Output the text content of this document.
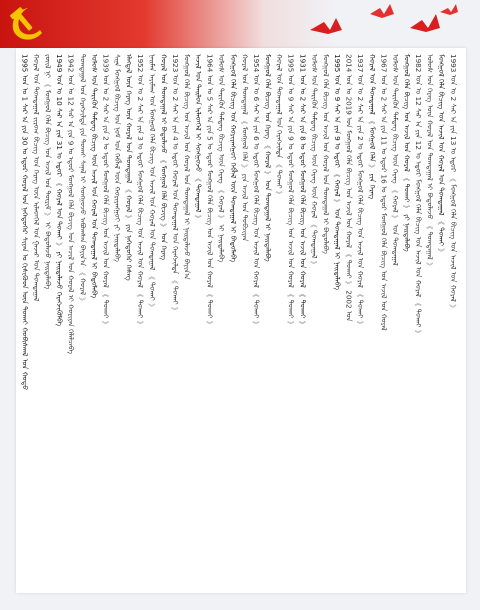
1995 ᠣᠨ ᠤ 1 ᠰᠠᠷ ᠠ ᠶᠢᠨ 30 ᠤ ᠡᠳᠦᠷ ᠬᠤᠷᠠᠯ ᠤᠨ ᠨᠡᠭᠡᠳᠦᠭᠡᠷ ᠰᠢᠶᠠᠨ ᠤ ᠭᠢᠰᠢᠭᠦᠳ ᠦᠨ ᠲᠤᠬᠠᠢ ᠬᠤᠪᠢᠰᠬᠠᠯ ᠤᠨ ᠬᠤᠲᠤ ᠬᠤᠷᠠᠯ ᠤᠨ ᠲᠣᠭᠲᠠᠭᠠᠯ ᠵᠢᠷᠤᠭ ᠪᠢᠴᠢᠭ ᠤᠨ ᠬᠡᠷᠡᠭ ᠦᠨ ᠢᠯᠡᠳᠬᠡᠯ ᠤᠨ ᠭᠠᠵᠠᠷ ᠤᠨ ᠲᠣᠭᠲᠠᠭᠠᠯ ᠵᠦᠢᠯ ᠨᠢ 《 ᠮᠣᠩᠭᠣᠯ ᠬᠡᠯᠡ ᠪᠢᠴᠢᠭ ᠤᠨ ᠠᠵᠢᠯ ᠤᠨ ᠳᠦᠷᠢᠮ 》 ᠢ ᠪᠠᠲᠤᠯᠠᠵᠤ ᠨᠡᠢᠲᠡᠯᠡᠪᠡ 1949 ᠣᠨ ᠤ 10 ᠰᠠᠷ ᠠ ᠶᠢᠨ 31 ᠤ ᠡᠳᠦᠷ 《 ᠬᠤᠷᠠᠯ ᠤᠨ ᠲᠤᠬᠠᠢ 》 ᠶᠢ ᠨᠡᠢᠲᠡᠯᠡᠵᠦ ᠬᠡᠷᠡᠭᠵᠢᠭᠦᠯᠪᠡ 1942 ᠣᠨ ᠤ 12 ᠰᠠᠷ ᠠ ᠶᠢᠨ 9 ᠤ ᠡᠳᠦᠷ ᠮᠣᠩᠭᠣᠯ ᠬᠡᠯᠡ ᠪᠢᠴᠢᠭ ᠤᠨ ᠠᠵᠢᠯ ᠤᠨ ᠬᠤᠷᠠᠯ ᠢ ᠬᠤᠷᠢᠶᠠᠨ ᠬᠡᠯᠡᠯᠴᠡᠪᠡ ᠲᠣᠭᠲᠠᠭᠠᠯ ᠤᠨ ᠬᠡᠷᠡᠭᠵᠢᠯᠲᠡ ᠶᠢᠨ ᠲᠤᠬᠠᠢ ᠰᠠᠨᠠᠯ ᠢ ᠰᠣᠩᠭᠤᠵᠤ ᠠᠪᠤᠭᠰᠠᠨ ᠪᠠᠶᠢᠨ᠎ᠠ 《 ᠬᠤᠷᠠᠯ 》 ᠤᠯᠤᠰ ᠤᠨ ᠲᠡᠷᠢᠭᠦᠨ ᠲᠡᠮᠳᠡᠭ ᠪᠢᠴᠢᠭ ᠦᠨ ᠠᠵᠢᠯ ᠤᠨ ᠬᠤᠷᠠᠯ ᠤᠨ ᠲᠣᠭᠲᠠᠭᠠᠯ ᠢ ᠪᠠᠲᠤᠯᠠᠪᠠ 1939 ᠣᠨ ᠤ 2 ᠰᠠᠷ ᠠ ᠶᠢᠨ 2 ᠤ ᠡᠳᠦᠷ ᠮᠣᠩᠭᠣᠯ ᠬᠡᠯᠡ ᠪᠢᠴᠢᠭ ᠤᠨ ᠠᠵᠢᠯ ᠤᠨ ᠬᠤᠷᠠᠯ 《 ᠲᠤᠬᠠᠢ 》 ᠰᠢᠨᠡ ᠮᠣᠩᠭᠣᠯ ᠪᠢᠴᠢᠭ ᠤᠨ ᠨᠣᠮ ᠤᠨ ᠬᠡᠪᠯᠡᠯ ᠦᠨ ᠬᠤᠷᠢᠶᠠᠩᠭᠤᠢ ᠶᠢ ᠨᠡᠢᠲᠡᠯᠡᠪᠡ ᠡᠯᠡᠭᠳᠡᠯ ᠦᠨ ᠬᠡᠷᠡᠭ ᠦᠨ ᠬᠤᠷᠠᠯ ᠤᠨ ᠲᠣᠭᠲᠠᠭᠠᠯ 《 ᠬᠤᠷᠠᠯ 》 ᠶᠢᠨ ᠨᠡᠭᠡᠳᠦᠭᠡᠷ ᠬᠡᠰᠡᠭ 1952 ᠣᠨ ᠤ 2 ᠰᠠᠷ ᠠ ᠶᠢᠨ 3 ᠤ ᠡᠳᠦᠷ ᠮᠣᠩᠭᠣᠯ ᠬᠡᠯᠡ ᠪᠢᠴᠢᠭ ᠤᠨ ᠠᠵᠢᠯ ᠤᠨ ᠬᠤᠷᠠᠯ 《 ᠲᠤᠬᠠᠢ 》 ᠨᠠᠢᠮᠠᠨ ᠠᠶᠢᠮᠠᠭ ᠤᠨ ᠮᠣᠩᠭᠣᠯ ᠬᠡᠯᠡ ᠪᠢᠴᠢᠭ ᠤᠨ ᠠᠵᠢᠯ ᠤᠨ ᠬᠤᠷᠠᠯ ᠤᠨ ᠲᠣᠭᠲᠠᠭᠠᠯ 《 ᠲᠤᠬᠠᠢ 》 ᠬᠤᠷᠠᠯ ᠤᠨ ᠲᠣᠭᠲᠠᠭᠠᠯ ᠢ ᠪᠠᠲᠤᠯᠠᠵᠤ 《 ᠮᠣᠩᠭᠣᠯ ᠬᠡᠯᠡ ᠪᠢᠴᠢᠭ 》 ᠤᠨ ᠬᠡᠷᠡᠭ 1923 ᠣᠨ ᠤ 2 ᠰᠠᠷ ᠠ ᠶᠢᠨ 4 ᠤ ᠡᠳᠦᠷ ᠬᠤᠷᠠᠯ ᠤᠨ ᠲᠣᠭᠲᠠᠭᠠᠯ ᠤᠨ ᠬᠡᠷᠡᠭᠵᠢᠯᠲᠡ 《 ᠲᠤᠬᠠᠢ 》 ᠮᠣᠩᠭᠣᠯ ᠬᠡᠯᠡ ᠪᠢᠴᠢᠭ ᠤᠨ ᠠᠵᠢᠯ ᠤᠨ ᠬᠤᠷᠠᠯ ᠤᠨ ᠲᠣᠭᠲᠠᠭᠠᠯ ᠢ ᠨᠡᠢᠲᠡᠯᠡᠵᠦ ᠪᠠᠶᠢᠨ᠎ᠠ ᠠᠵᠢᠯ ᠤᠨ ᠲᠠᠢᠯᠤᠨ ᠢᠯᠡᠳᠬᠡᠯ ᠢ ᠰᠣᠩᠭᠤᠵᠤ 《 ᠲᠣᠭᠲᠠᠭᠠᠯ 》 1964 ᠣᠨ ᠤ 5 ᠰᠠᠷ ᠠ ᠶᠢᠨ 5 ᠤ ᠡᠳᠦᠷ ᠮᠣᠩᠭᠣᠯ ᠬᠡᠯᠡ ᠪᠢᠴᠢᠭ ᠤᠨ ᠠᠵᠢᠯ ᠤᠨ ᠬᠤᠷᠠᠯ 《 ᠲᠤᠬᠠᠢ 》 ᠤᠯᠤᠰ ᠤᠨ ᠲᠡᠷᠢᠭᠦᠨ ᠲᠡᠮᠳᠡᠭ ᠪᠢᠴᠢᠭ ᠦᠨ ᠬᠡᠷᠡᠭ 《 ᠬᠤᠷᠠᠯ 》 ᠢ ᠨᠡᠢᠲᠡᠯᠡᠪᠡ ᠮᠣᠩᠭᠣᠯ ᠬᠡᠯᠡ ᠪᠢᠴᠢᠭ ᠤᠨ ᠬᠤᠷᠢᠶᠠᠩᠭᠤᠢ ᠬᠡᠪᠯᠡᠯ ᠦᠨ ᠲᠣᠭᠲᠠᠭᠠᠯ ᠢ ᠪᠠᠲᠤᠯᠠᠪᠠ ᠬᠤᠷᠠᠯ ᠤᠨ ᠲᠣᠭᠲᠠᠭᠠᠯ 《 ᠮᠣᠩᠭᠣᠯ ᠬᠡᠯᠡ 》 ᠶᠢᠨ ᠠᠵᠢᠯ ᠤᠨ ᠲᠣᠪᠴᠢᠶᠠᠨ 1954 ᠣᠨ ᠤ 6 ᠰᠠᠷ ᠠ ᠶᠢᠨ 6 ᠤ ᠡᠳᠦᠷ ᠮᠣᠩᠭᠣᠯ ᠬᠡᠯᠡ ᠪᠢᠴᠢᠭ ᠤᠨ ᠠᠵᠢᠯ ᠤᠨ ᠬᠤᠷᠠᠯ 《 ᠲᠤᠬᠠᠢ 》 ᠮᠣᠩᠭᠣᠯ ᠬᠡᠯᠡ ᠪᠢᠴᠢᠭ ᠤᠨ ᠬᠡᠷᠡᠭ 《 ᠬᠤᠷᠠᠯ 》 ᠤᠨ ᠲᠣᠭᠲᠠᠭᠠᠯ ᠢ ᠨᠡᠢᠲᠡᠯᠡᠪᠡ ᠬᠤᠷᠠᠯ ᠤᠨ ᠲᠣᠭᠲᠠᠭᠠᠯ ᠤᠨ ᠬᠡᠷᠡᠭᠵᠢᠯᠲᠡ 《 ᠲᠤᠬᠠᠢ 》 1995 ᠣᠨ ᠤ 9 ᠰᠠᠷ ᠠ ᠶᠢᠨ 9 ᠤ ᠡᠳᠦᠷ ᠮᠣᠩᠭᠣᠯ ᠬᠡᠯᠡ ᠪᠢᠴᠢᠭ ᠤᠨ ᠠᠵᠢᠯ ᠤᠨ ᠬᠤᠷᠠᠯ 《 ᠲᠤᠬᠠᠢ 》 1931 ᠣᠨ ᠤ 2 ᠰᠠᠷ ᠠ ᠶᠢᠨ 8 ᠤ ᠡᠳᠦᠷ ᠮᠣᠩᠭᠣᠯ ᠬᠡᠯᠡ ᠪᠢᠴᠢᠭ ᠤᠨ ᠠᠵᠢᠯ ᠤᠨ ᠬᠤᠷᠠᠯ 《 ᠲᠤᠬᠠᠢ 》 ᠤᠯᠤᠰ ᠤᠨ ᠲᠡᠷᠢᠭᠦᠨ ᠲᠡᠮᠳᠡᠭ ᠪᠢᠴᠢᠭ ᠦᠨ ᠬᠡᠷᠡᠭ ᠦᠨ ᠬᠤᠷᠠᠯ 《 ᠲᠣᠭᠲᠠᠭᠠᠯ 》 ᠮᠣᠩᠭᠣᠯ ᠬᠡᠯᠡ ᠪᠢᠴᠢᠭ ᠤᠨ ᠠᠵᠢᠯ ᠤᠨ ᠬᠤᠷᠠᠯ ᠤᠨ ᠲᠣᠭᠲᠠᠭᠠᠯ ᠢ ᠪᠠᠲᠤᠯᠠᠪᠠ 1995 ᠣᠨ ᠤ 9 ᠰᠠᠷ ᠠ ᠶᠢᠨ 9 ᠤ ᠡᠳᠦᠷ 《 ᠬᠤᠷᠠᠯ 》 ᠤᠨ ᠲᠣᠭᠲᠠᠭᠠᠯ ᠢ ᠨᠡᠢᠲᠡᠯᠡᠪᠡ 2014 ᠣᠨ ᠤ 2019 ᠣᠨ ᠮᠣᠩᠭᠣᠯ ᠬᠡᠯᠡ ᠪᠢᠴᠢᠭ ᠤᠨ ᠠᠵᠢᠯ ᠤᠨ ᠬᠤᠷᠠᠯ 《 ᠲᠤᠬᠠᠢ 》 2002 ᠣᠨ 1937 ᠣᠨ ᠤ 2 ᠰᠠᠷ ᠠ ᠶᠢᠨ 2 ᠤ ᠡᠳᠦᠷ ᠮᠣᠩᠭᠣᠯ ᠬᠡᠯᠡ ᠪᠢᠴᠢᠭ ᠤᠨ ᠠᠵᠢᠯ ᠤᠨ ᠬᠤᠷᠠᠯ 《 ᠲᠤᠬᠠᠢ 》 ᠬᠤᠷᠠᠯ ᠤᠨ ᠲᠣᠭᠲᠠᠭᠠᠯ 《 ᠮᠣᠩᠭᠣᠯ ᠬᠡᠯᠡ 》 ᠶᠢᠨ ᠬᠡᠷᠡᠭ 1967 ᠣᠨ ᠤ 2 ᠰᠠᠷ ᠠ ᠶᠢᠨ 11 ᠤ ᠡᠳᠦᠷ 16 ᠤ ᠡᠳᠦᠷ ᠮᠣᠩᠭᠣᠯ ᠬᠡᠯᠡ ᠪᠢᠴᠢᠭ ᠤᠨ ᠠᠵᠢᠯ ᠤᠨ ᠬᠤᠷᠠᠯ ᠤᠯᠤᠰ ᠤᠨ ᠲᠡᠷᠢᠭᠦᠨ ᠲᠡᠮᠳᠡᠭ ᠪᠢᠴᠢᠭ ᠦᠨ ᠬᠡᠷᠡᠭ 《 ᠬᠤᠷᠠᠯ 》 ᠤᠨ ᠲᠣᠭᠲᠠᠭᠠᠯ ᠮᠣᠩᠭᠣᠯ ᠬᠡᠯᠡ ᠪᠢᠴᠢᠭ ᠤᠨ ᠠᠵᠢᠯ ᠤᠨ ᠬᠤᠷᠠᠯ 《 ᠲᠤᠬᠠᠢ 》 ᠶᠢ ᠨᠡᠢᠲᠡᠯᠡᠪᠡ 1982 ᠣᠨ ᠤ 12 ᠰᠠᠷ ᠠ ᠶᠢᠨ 12 ᠤ ᠡᠳᠦᠷ ᠮᠣᠩᠭᠣᠯ ᠬᠡᠯᠡ ᠪᠢᠴᠢᠭ ᠤᠨ ᠠᠵᠢᠯ ᠤᠨ ᠬᠤᠷᠠᠯ 《 ᠲᠤᠬᠠᠢ 》 ᠤᠯᠤᠰ ᠤᠨ ᠬᠡᠷᠡᠭ ᠦᠨ ᠬᠤᠷᠠᠯ ᠤᠨ ᠲᠣᠭᠲᠠᠭᠠᠯ ᠢ ᠪᠠᠲᠤᠯᠠᠵᠤ 《 ᠲᠣᠭᠲᠠᠭᠠᠯ 》 ᠮᠣᠩᠭᠣᠯ ᠬᠡᠯᠡ ᠪᠢᠴᠢᠭ ᠤᠨ ᠠᠵᠢᠯ ᠤᠨ ᠬᠤᠷᠠᠯ ᠤᠨ ᠲᠣᠭᠲᠠᠭᠠᠯ 《 ᠲᠤᠬᠠᠢ 》 1993 ᠣᠨ ᠤ 2 ᠰᠠᠷ ᠠ ᠶᠢᠨ 13 ᠤ ᠡᠳᠦᠷ 《 ᠮᠣᠩᠭᠣᠯ ᠬᠡᠯᠡ ᠪᠢᠴᠢᠭ ᠤᠨ ᠠᠵᠢᠯ ᠤᠨ ᠬᠤᠷᠠᠯ 》
